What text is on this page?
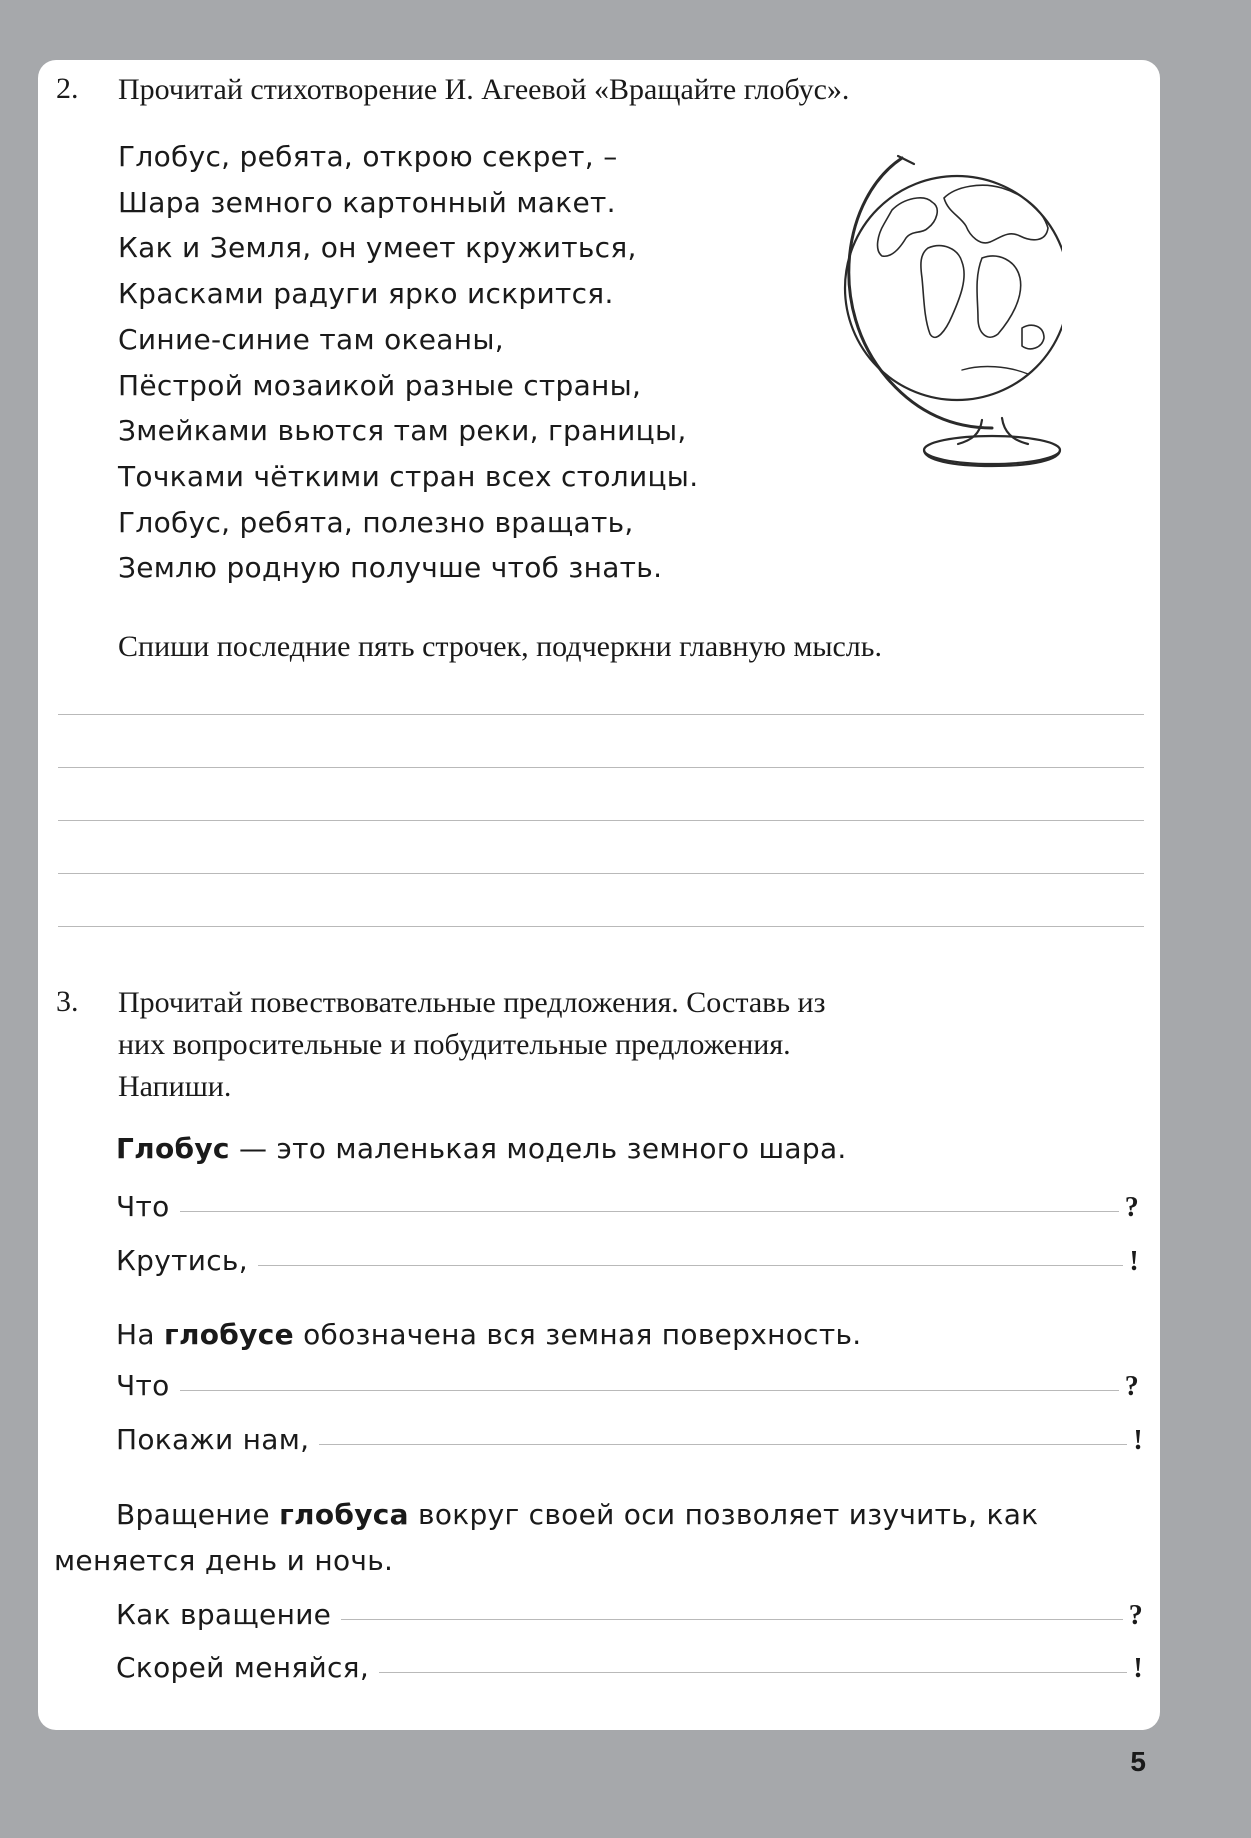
2. Прочитай стихотворение И. Агеевой «Вращайте глобус».
Глобус, ребята, открою секрет, –
Шара земного картонный макет.
Как и Земля, он умеет кружиться,
Красками радуги ярко искрится.
Синие-синие там океаны,
Пёстрой мозаикой разные страны,
Змейками вьются там реки, границы,
Точками чёткими стран всех столицы.
Глобус, ребята, полезно вращать,
Землю родную получше чтоб знать.
Спиши последние пять строчек, подчеркни главную мысль.
3. Прочитай повествовательные предложения. Составь из
них вопросительные и побудительные предложения.
Напиши.
Глобус — это маленькая модель земного шара.
Что	?
Крутись,	!
На глобусе обозначена вся земная поверхность.
Что	?
Покажи нам,	!
Вращение глобуса вокруг своей оси позволяет изучить, как
меняется день и ночь.
Как вращение	?
Скорей меняйся,	!
5
